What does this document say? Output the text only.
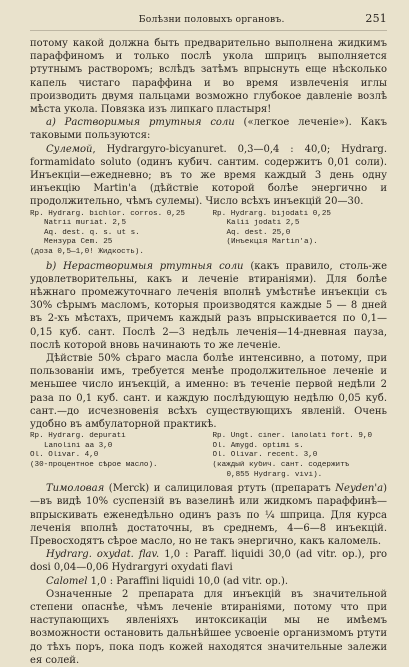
Болѣзни половыхъ органовъ.	251

потому какой должна быть предварительно выполнена жидкимъ параффиномъ и только послѣ укола шприцъ выполняется ртутнымъ растворомъ; вслѣдъ затѣмъ впрыснуть еще нѣсколько капель чистаго параффина и во время извлеченія иглы производить двумя пальцами возможно глубокое давленіе возлѣ мѣста укола. Повязка изъ липкаго пластыря!

a) Растворимыя ртутныя соли («легкое леченіе»). Какъ таковыми пользуются:

Сулемой, Hydrargyro-bicyanuret. 0,3—0,4 : 40,0; Hydrarg. formamidato soluto (одинъ кубич. сантим. содержитъ 0,01 соли). Инъекціи—ежедневно; въ то же время каждый 3 день одну инъекцію Martin'а (дѣйствіе которой болѣе энергично и продолжительно, чѣмъ сулемы). Число всѣхъ инъекцій 20—30.

Rp. Hydrarg. bichlor. corros. 0,25
Natrii muriat. 2,5
Aq. dest. q. s. ut s.
Мензура Cem. 25
(доза 0,5—1,0! Жидкость).
Rp. Hydrarg. bijodati 0,25
Kalii jodati 2,5
Aq. dest. 25,0
(Инъекція Martin'a).

b) Нерастворимыя ртутныя соли (какъ правило, столь-же удовлетворительны, какъ и леченіе втираніями). Для болѣе нѣжнаго промежуточнаго леченія вполнѣ умѣстнѣе инъекціи съ 30% сѣрымъ масломъ, которыя производятся каждые 5 — 8 дней въ 2-хъ мѣстахъ, причемъ каждый разъ впрыскивается по 0,1—0,15 куб. сант. Послѣ 2—3 недѣль леченія—14-дневная пауза, послѣ которой вновь начинають то же леченіе.

Дѣйствіе 50% сѣраго масла болѣе интенсивно, а потому, при пользованіи имъ, требуется менѣе продолжительное леченіе и меньшее число инъекцій, а именно: въ теченіе первой недѣли 2 раза по 0,1 куб. сант. и каждую послѣдующую недѣлю 0,05 куб. сант.—до исчезновенія всѣхъ существующихъ явленій. Очень удобно въ амбулаторной практикѣ.

Rp. Hydrarg. depurati
Lanolini aa 3,0
Ol. Olivar. 4,0
(30-процентное сѣрое масло).
Rp. Ungt. ciner. lanolati fort. 9,0
Ol. Amygd. optimi s.
Ol. Olivar. recent. 3,0
(каждый кубич. сант. содержитъ
0,855 Hydrarg. vivi).

Тимоловая (Merck) и салициловая ртуть (препаратъ Neyden'а)—въ видѣ 10% суспензій въ вазелинѣ или жидкомъ параффинѣ—впрыскивать еженедѣльно одинъ разъ по ¼ шприца. Для курса леченія вполнѣ достаточны, въ среднемъ, 4—6—8 инъекцій. Превосходятъ сѣрое масло, но не такъ энергично, какъ каломель.

Hydrarg. oxydat. flav. 1,0 : Paraff. liquidi 30,0 (ad vitr. op.), pro dosi 0,04—0,06 Hydrargyri oxydati flavi

Calomel 1,0 : Paraffini liquidi 10,0 (ad vitr. op.).

Означенные 2 препарата для инъекцій въ значительной степени опаснѣе, чѣмъ леченіе втираніями, потому что при наступающихъ явленіяхъ интоксикаціи мы не имѣемъ возможности остановить дальнѣйшее усвоеніе организмомъ ртути до тѣхъ поръ, пока подъ кожей находятся значительные залежи ея солей.
